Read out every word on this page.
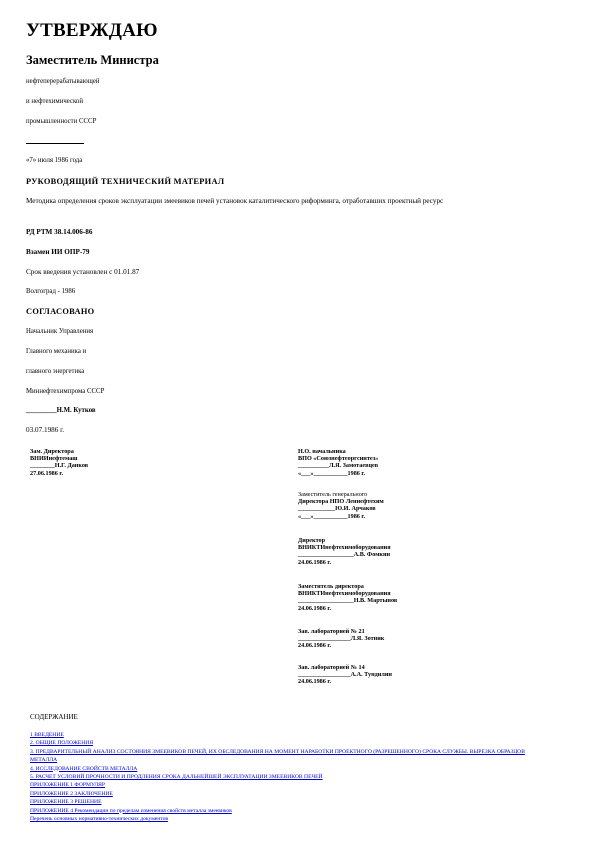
УТВЕРЖДАЮ
Заместитель Министра
нефтеперерабатывающей
и нефтехимической
промышленности СССР
«7» июля 1986 года
РУКОВОДЯЩИЙ ТЕХНИЧЕСКИЙ МАТЕРИАЛ
Методика определения сроков эксплуатации змеевиков печей установок каталитического риформинга, отработавших проектный ресурс
РД РТМ 38.14.006-86
Взамен ИИ ОПР-79
Срок введения установлен с 01.01.87
Волгоград - 1986
СОГЛАСОВАНО
Начальник Управления
Главного механика и
главного энергетика
Миннефтехимпрома СССР
_________Н.М. Кутков
03.07.1986 г.
Зам. Директора
ВНИИнефтемаш
________Н.Г. Данков
27.06.1986 г.
Н.О. начальника
ВПО «Союзнефтеоргсинтез»
__________Л.Я. Замотаевцев
«___»___________1986 г.
Заместитель генерального
Директора НПО Леннефтехим
____________Ю.И. Арчаков
«___»___________1986 г.
Директор
ВНИКТИнефтехимоборудования
__________________А.В. Фомкин
24.06.1986 г.
Заместитель директора
ВНИКТИнефтехимоборудования
__________________Н.В. Мартынов
24.06.1986 г.
Зав. лабораторией № 21
_________________Л.Я. Зотник
24.06.1986 г.
Зав. лабораторией № 14
_________________А.А. Тундилин
24.06.1986 г.
СОДЕРЖАНИЕ
1 ВВЕДЕНИЕ
2. ОБЩИЕ ПОЛОЖЕНИЯ
3. ПРЕДВАРИТЕЛЬНЫЙ АНАЛИЗ СОСТОЯНИЯ ЗМЕЕВИКОВ ПЕЧЕЙ, ИХ ОБСЛЕДОВАНИЯ НА МОМЕНТ НАРАБОТКИ ПРОЕКТНОГО (РАЗРЕШЕННОГО) СРОКА СЛУЖБЫ. ВЫРЕЗКА ОБРАЗЦОВ МЕТАЛЛА
4. ИССЛЕДОВАНИЕ СВОЙСТВ МЕТАЛЛА
5. РАСЧЕТ УСЛОВИЙ ПРОЧНОСТИ И ПРОДЛЕНИЯ СРОКА ДАЛЬНЕЙШЕЙ ЭКСПЛУАТАЦИИ ЗМЕЕВИКОВ ПЕЧЕЙ
ПРИЛОЖЕНИЕ 1 ФОРМУЛЯР
ПРИЛОЖЕНИЕ 2 ЗАКЛЮЧЕНИЕ
ПРИЛОЖЕНИЕ 3 РЕШЕНИЕ
ПРИЛОЖЕНИЕ 4 Рекомендации по пределам изменения свойств металла змеевиков
Перечень основных нормативно-технических документов
